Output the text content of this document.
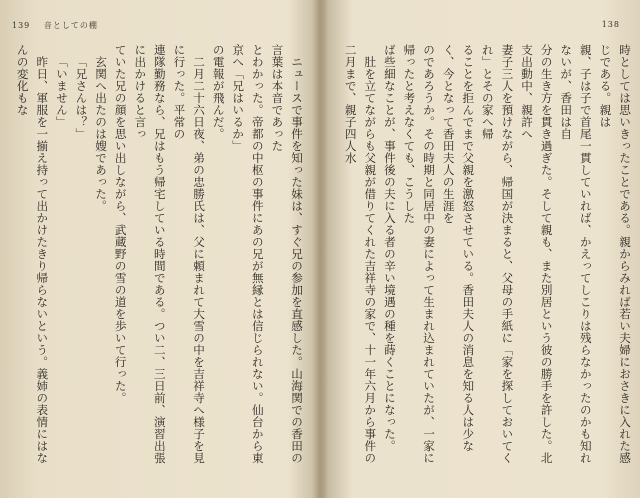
139 音としての棚

ニュースで事件を知った妹は、すぐ兄の参加を直感した。山海関での香田の言葉は本音であった

とわかった。帝都の中枢の事件にあの兄が無縁とは信じられない。仙台から東京へ「兄はいるか」

の電報が飛んだ。

二月二十六日夜、弟の忠勝氏は、父に頼まれて大雪の中を吉祥寺へ様子を見に行った。平常の

連隊勤務なら、兄はもう帰宅している時間である。つい二、三日前、演習出張に出かけると言っ

ていた兄の顔を思い出しながら、武蔵野の雪の道を歩いて行った。

玄関へ出たのは嫂であった。

「兄さんは？」

「いません」

昨日、軍服を一揃え持って出かけたきり帰らないという。義姉の表情にはなんの変化もな

138

時としては思いきったことである。親からみれば若い夫婦におさきに入れた感じである。親は

親、子は子で首尾一貫していれば、かえってしこりは残らなかったのかも知れないが、香田は自

分の生き方を貫き過ぎた。そして親も、また別居という彼の勝手を許した。北支出動中、親許へ

妻子三人を預けながら、帰国が決まると、父母の手紙に「家を探しておいてくれ」とその家へ帰

ることを拒んでまで父親を激怒させている。香田夫人の消息を知る人は少なく、今となって香田夫人の生涯を

のであろうか。その時期と同居中の妻によって生まれ込まれていたが、一家に帰ったと考えなくても、こうした

ば些細なことが、事件後の夫に入る者の辛い境遇の種を蒔くことになった。

肚を立てながらも父親が借りてくれた吉祥寺の家で、十一年六月から事件の二月まで、親子四人水
